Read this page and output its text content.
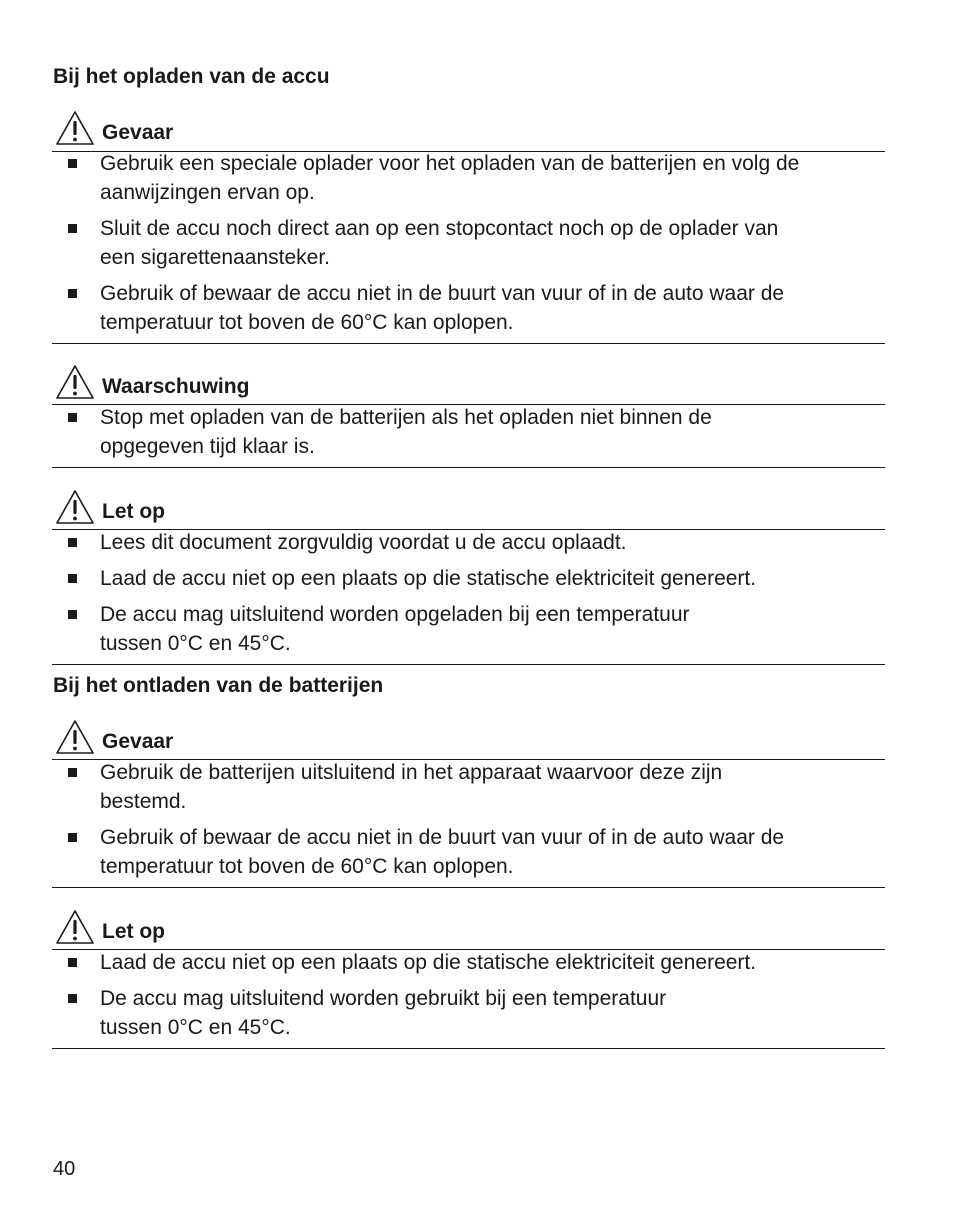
Bij het opladen van de accu
Gevaar
Gebruik een speciale oplader voor het opladen van de batterijen en volg de
aanwijzingen ervan op.
Sluit de accu noch direct aan op een stopcontact noch op de oplader van
een sigarettenaansteker.
Gebruik of bewaar de accu niet in de buurt van vuur of in de auto waar de
temperatuur tot boven de 60°C kan oplopen.
Waarschuwing
Stop met opladen van de batterijen als het opladen niet binnen de
opgegeven tijd klaar is.
Let op
Lees dit document zorgvuldig voordat u de accu oplaadt.
Laad de accu niet op een plaats op die statische elektriciteit genereert.
De accu mag uitsluitend worden opgeladen bij een temperatuur
tussen 0°C en 45°C.
Bij het ontladen van de batterijen
Gevaar
Gebruik de batterijen uitsluitend in het apparaat waarvoor deze zijn
bestemd.
Gebruik of bewaar de accu niet in de buurt van vuur of in de auto waar de
temperatuur tot boven de 60°C kan oplopen.
Let op
Laad de accu niet op een plaats op die statische elektriciteit genereert.
De accu mag uitsluitend worden gebruikt bij een temperatuur
tussen 0°C en 45°C.
40
